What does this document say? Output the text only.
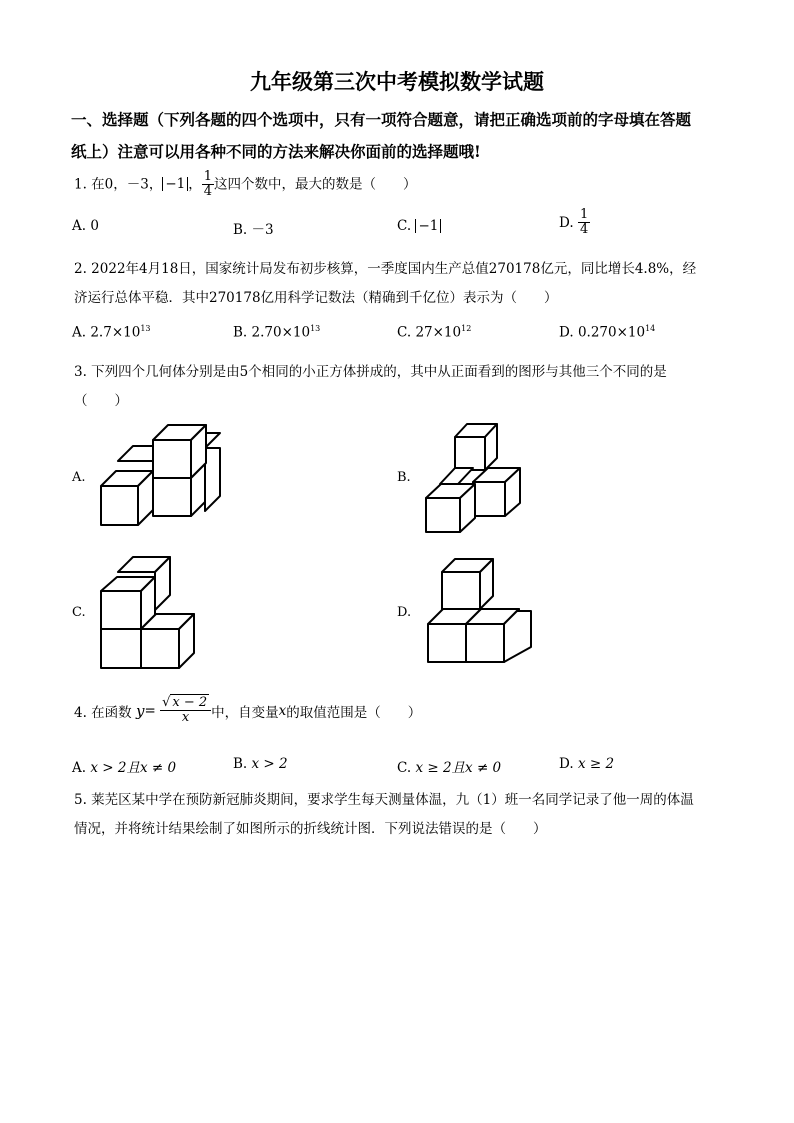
九年级第三次中考模拟数学试题
一、选择题（下列各题的四个选项中，只有一项符合题意，请把正确选项前的字母填在答题
纸上）注意可以用各种不同的方法来解决你面前的选择题哦!
1. 在0，－3， −1 ， $\frac{1}{4}$ 这四个数中，最大的数是（　　）
A. 0	B. －3	C. −1	D. $\frac{1}{4}$
2. 2022年4月18日，国家统计局发布初步核算，一季度国内生产总值270178亿元，同比增长4.8%，经
济运行总体平稳．其中270178亿用科学记数法（精确到千亿位）表示为（　　）
A. $2.7\times 10^{13}$	B. $2.70\times 10^{13}$	C. $27\times 10^{12}$	D. $0.270\times 10^{14}$
3. 下列四个几何体分别是由5个相同的小正方体拼成的，其中从正面看到的图形与其他三个不同的是
（　　）
A.	B.
C.	D.
4. 在函数 $y= \frac{√ x - 2}{x}$ 中，自变量x的取值范围是（　　）
A. x > 2且x ≠ 0	B. x > 2	C. x ≥ 2且x ≠ 0	D. x ≥ 2
5. 莱芜区某中学在预防新冠肺炎期间，要求学生每天测量体温，九（1）班一名同学记录了他一周的体温
情况，并将统计结果绘制了如图所示的折线统计图．下列说法错误的是（　　）
